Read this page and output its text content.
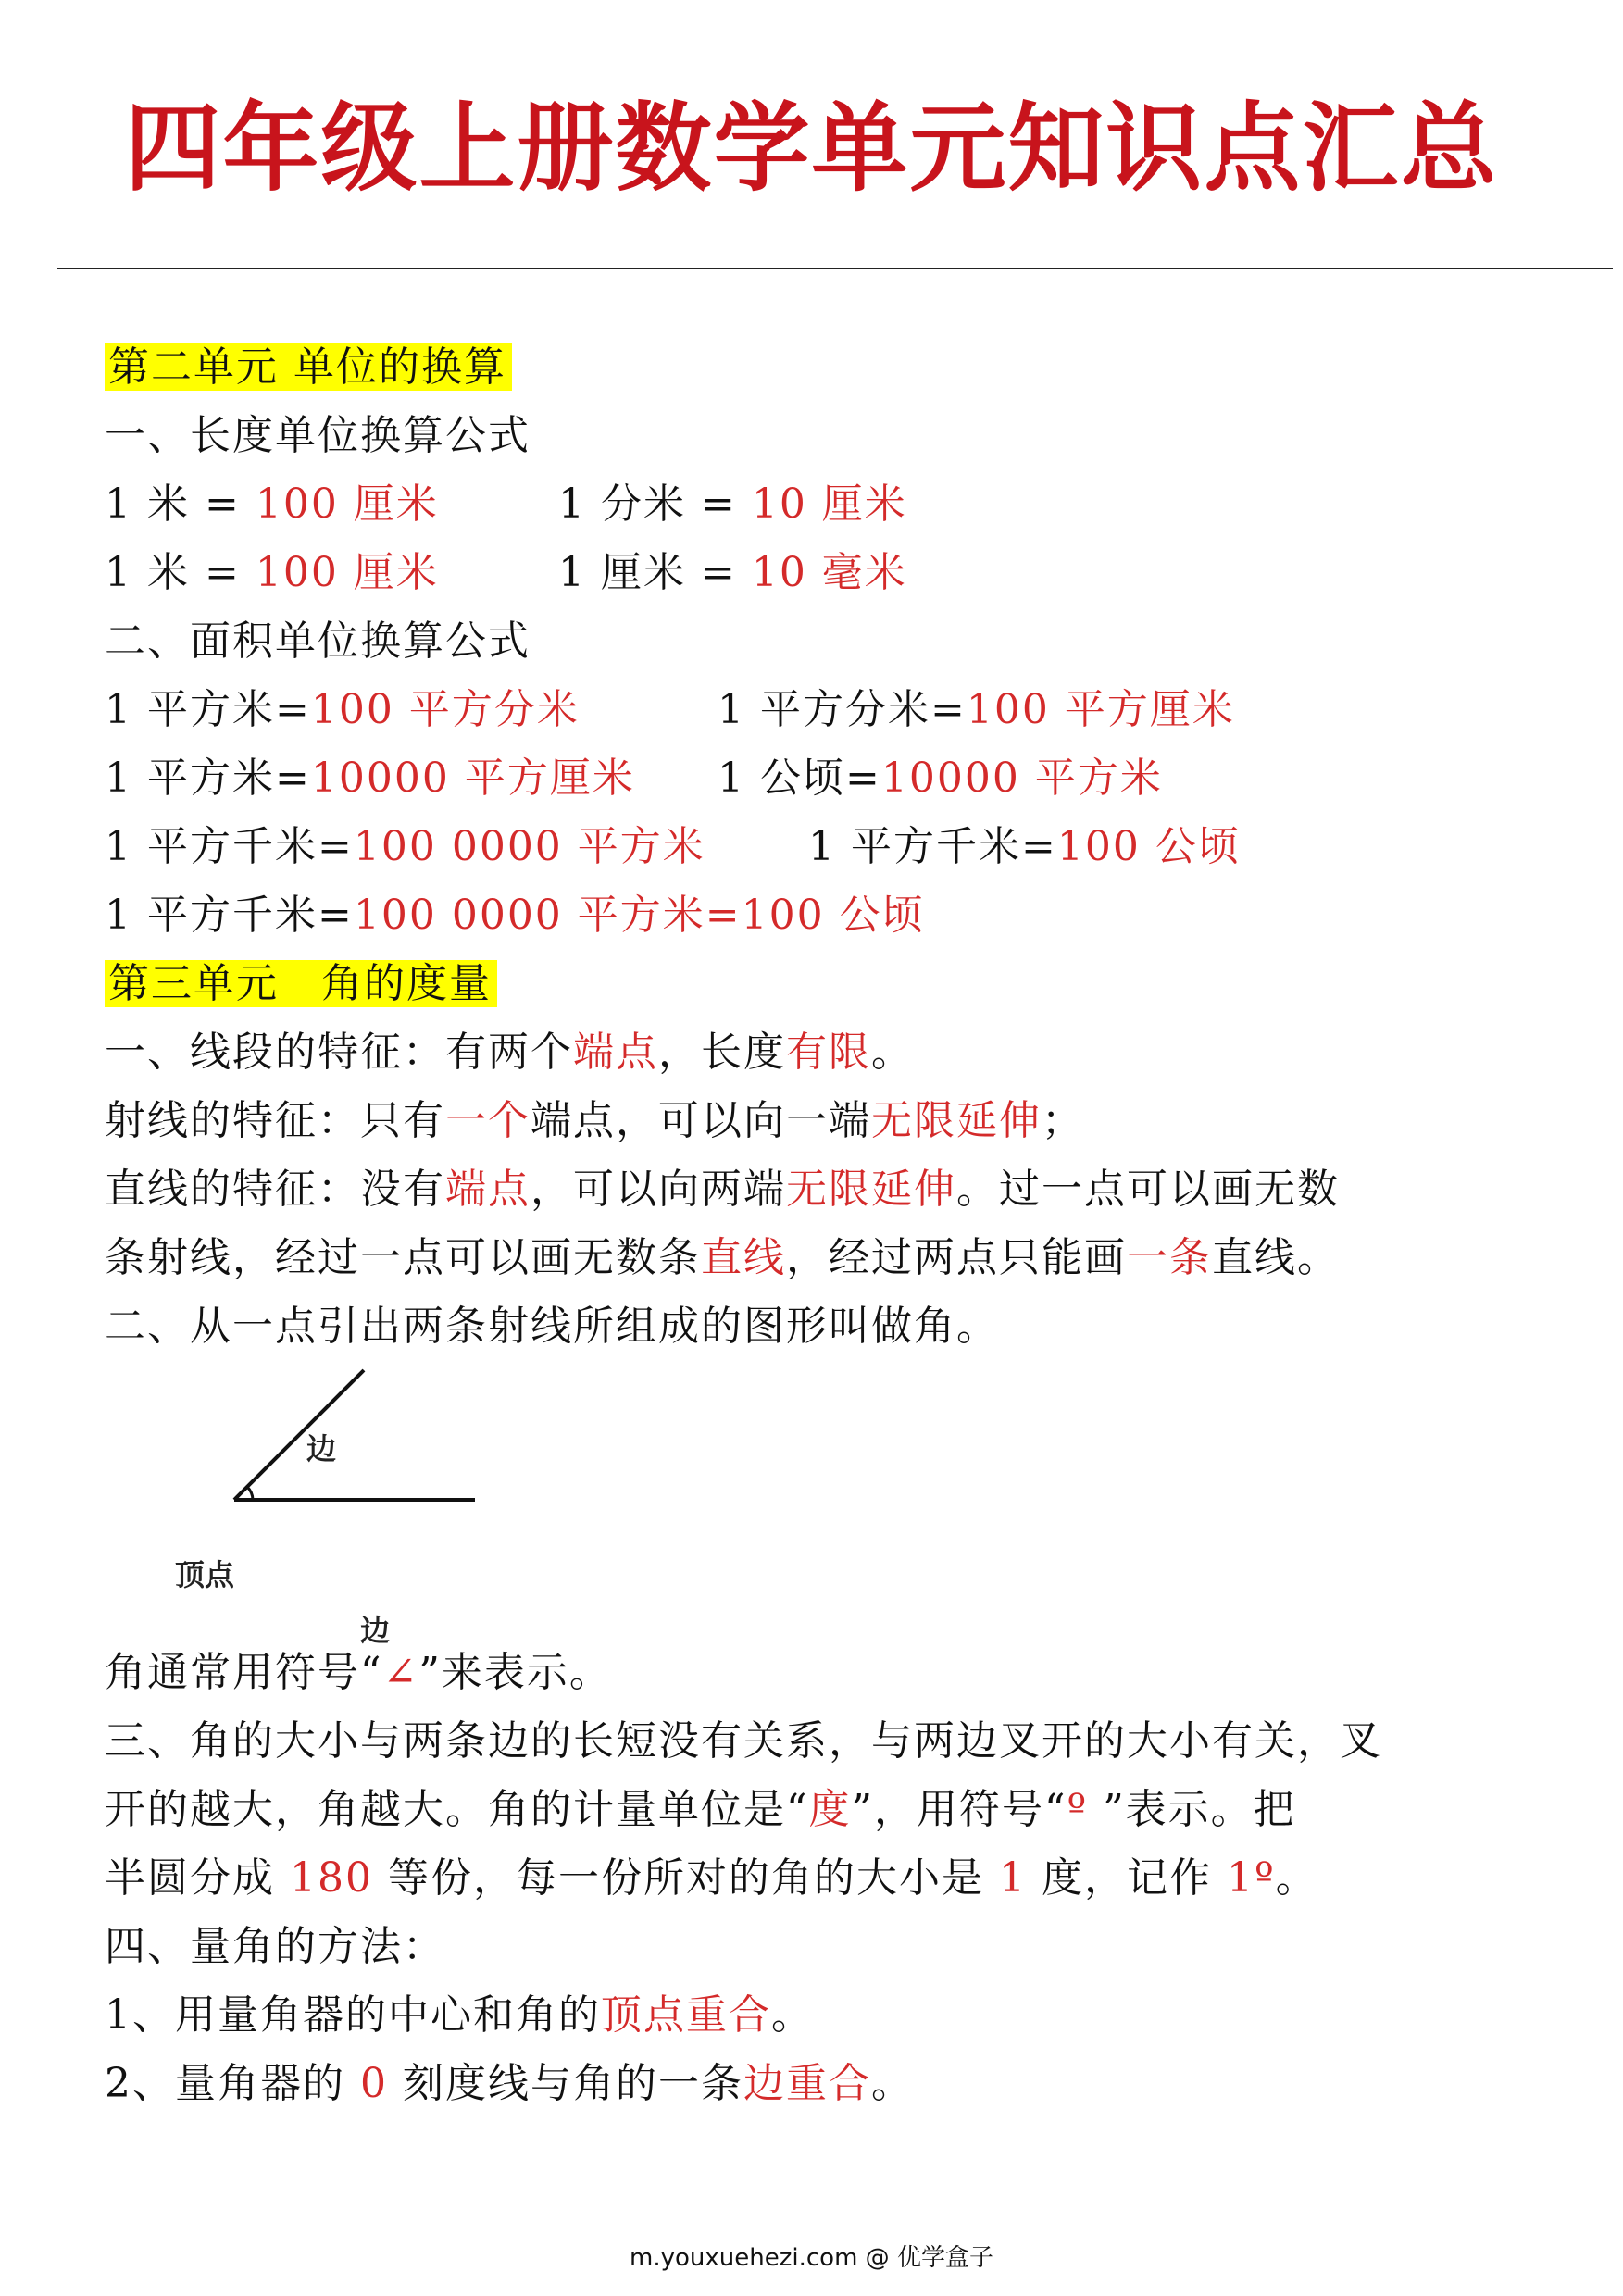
四年级上册数学单元知识点汇总
第二单元 单位的换算
一、长度单位换算公式
1 米 = 100 厘米	1 分米 = 10 厘米
1 米 = 100 厘米	1 厘米 = 10 毫米
二、面积单位换算公式
1 平方米=100 平方分米	1 平方分米=100 平方厘米
1 平方米=10000 平方厘米 1 公顷=10000 平方米
1 平方千米=100 0000 平方米	1 平方千米=100 公顷
1 平方千米=100 0000 平方米=100 公顷
第三单元　角的度量
一、线段的特征：有两个端点，长度有限。
射线的特征：只有一个端点，可以向一端无限延伸；
直线的特征：没有端点，可以向两端无限延伸。过一点可以画无数
条射线，经过一点可以画无数条直线，经过两点只能画一条直线。
二、从一点引出两条射线所组成的图形叫做角。
边
顶点
边
角通常用符号“∠”来表示。
三、角的大小与两条边的长短没有关系，与两边叉开的大小有关，叉
开的越大，角越大。角的计量单位是“度”，用符号“º ”表示。把
半圆分成 180 等份，每一份所对的角的大小是 1 度，记作 1º。
四、量角的方法：
1、用量角器的中心和角的顶点重合。
2、量角器的 0 刻度线与角的一条边重合。
m.youxuehezi.com @ 优学盒子
